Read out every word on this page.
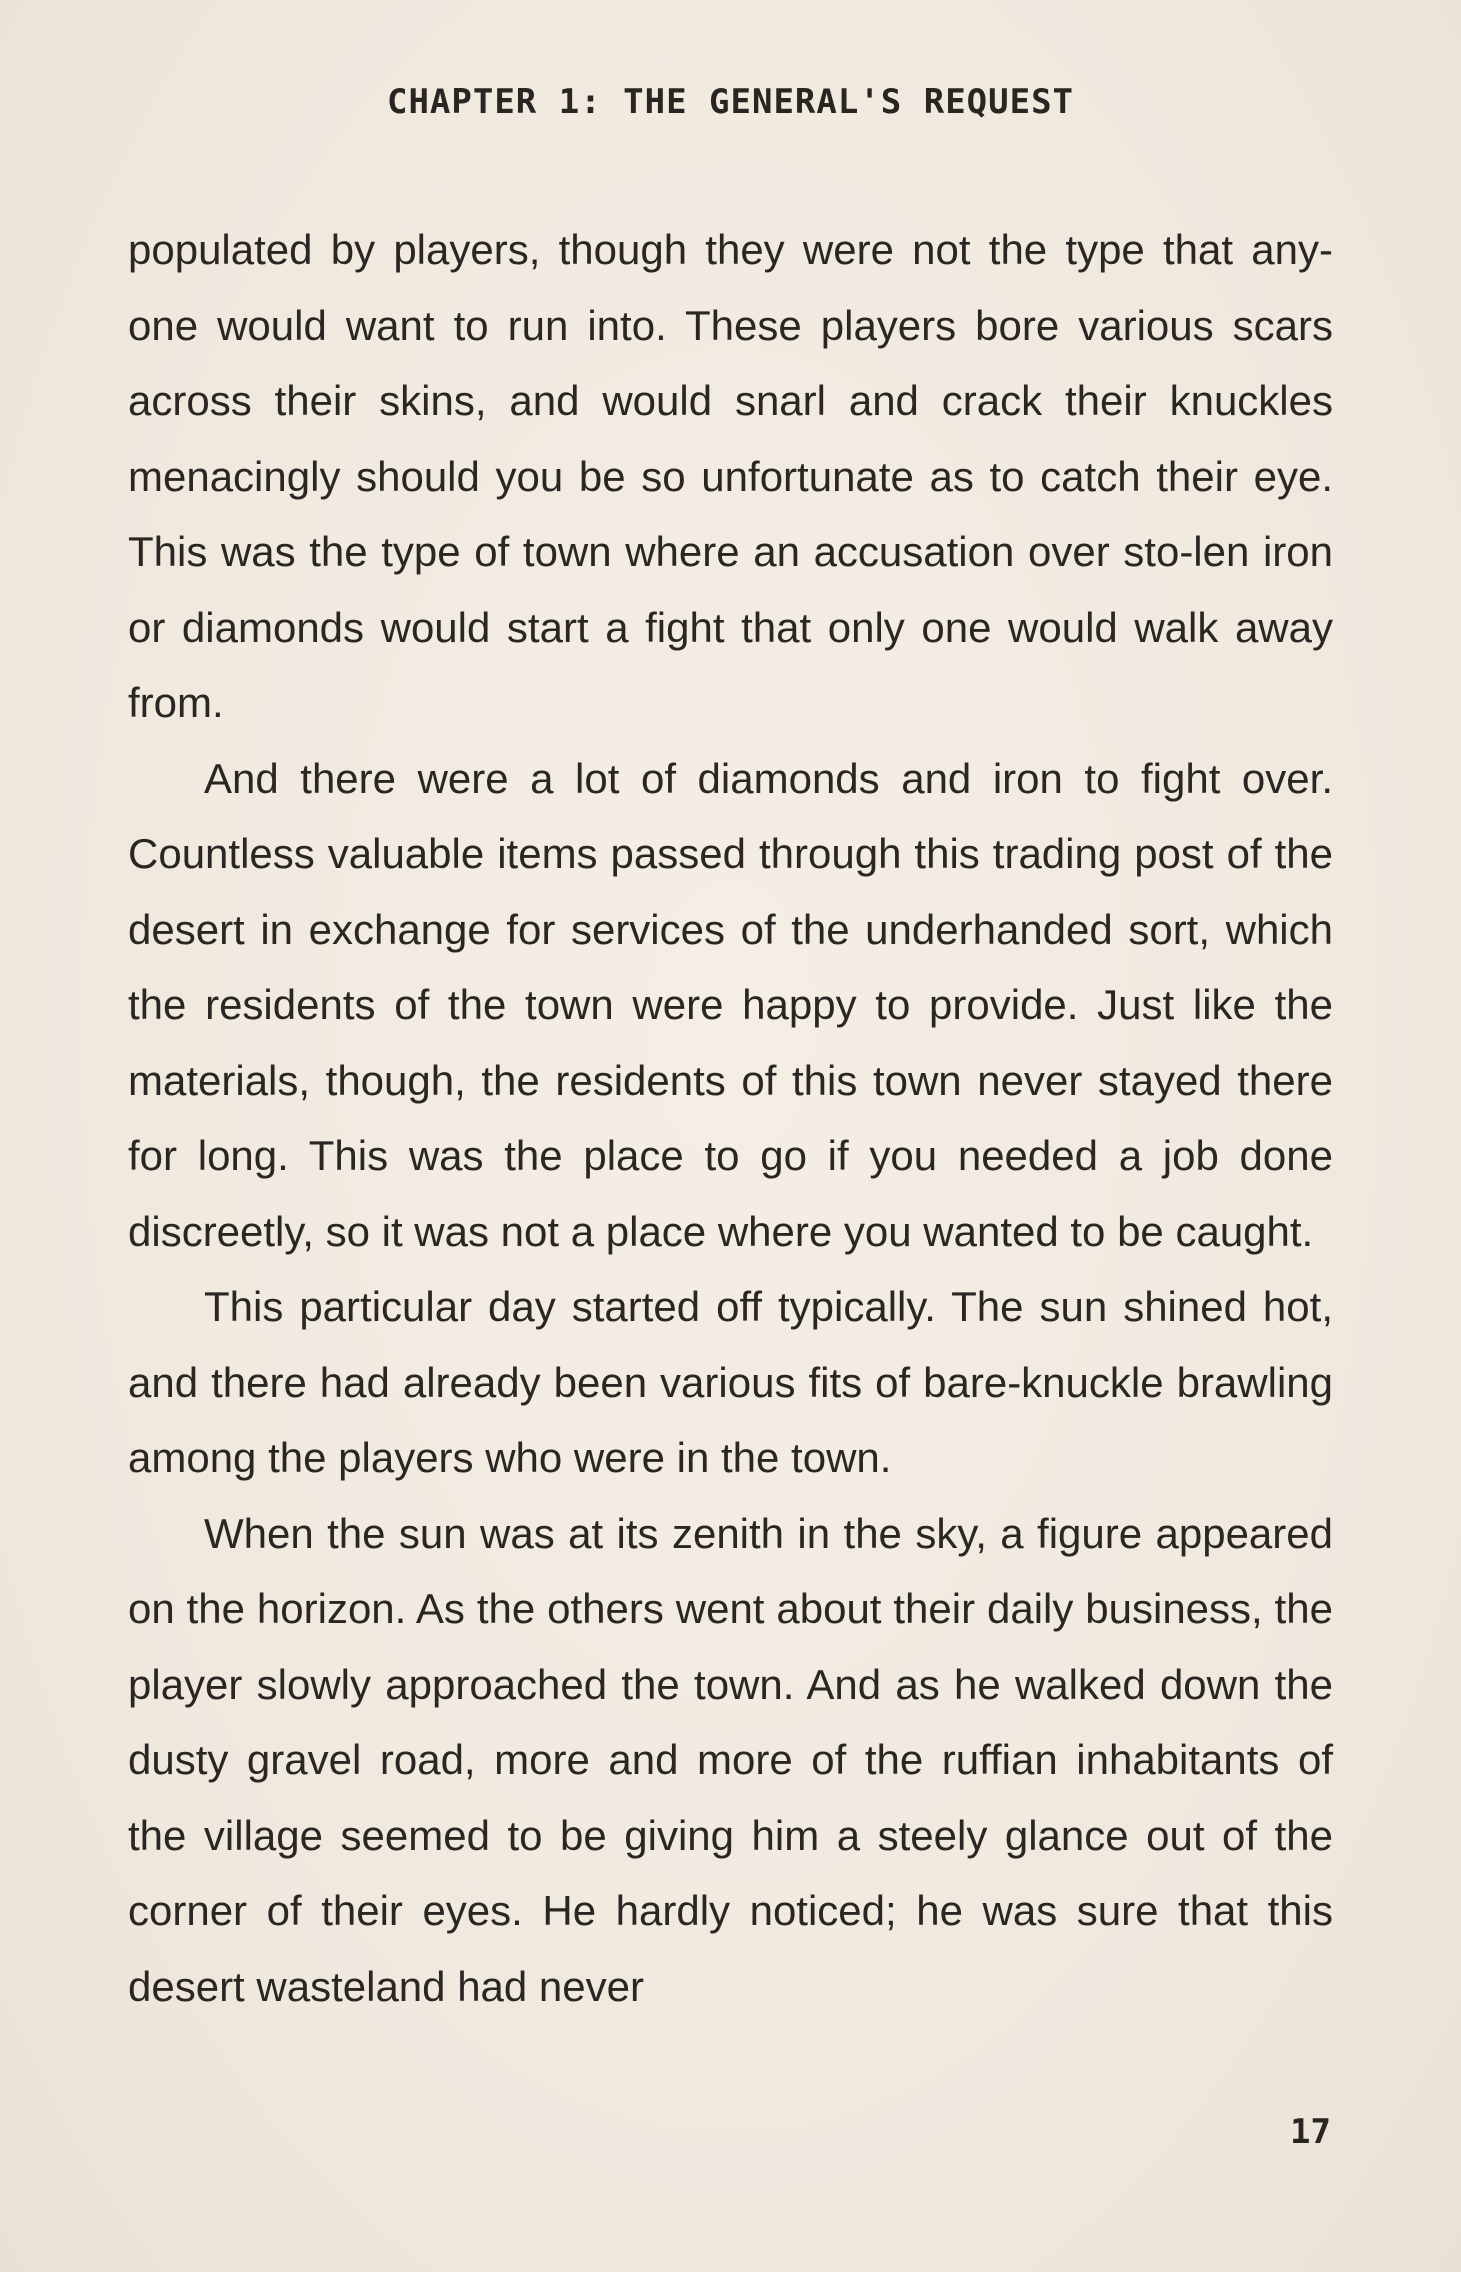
CHAPTER 1: THE GENERAL'S REQUEST

populated by players, though they were not the type that any-one would want to run into. These players bore various scars across their skins, and would snarl and crack their knuckles menacingly should you be so unfortunate as to catch their eye. This was the type of town where an accusation over sto-len iron or diamonds would start a fight that only one would walk away from.

And there were a lot of diamonds and iron to fight over. Countless valuable items passed through this trading post of the desert in exchange for services of the underhanded sort, which the residents of the town were happy to provide. Just like the materials, though, the residents of this town never stayed there for long. This was the place to go if you needed a job done discreetly, so it was not a place where you wanted to be caught.

This particular day started off typically. The sun shined hot, and there had already been various fits of bare-knuckle brawling among the players who were in the town.

When the sun was at its zenith in the sky, a figure appeared on the horizon. As the others went about their daily business, the player slowly approached the town. And as he walked down the dusty gravel road, more and more of the ruffian inhabitants of the village seemed to be giving him a steely glance out of the corner of their eyes. He hardly noticed; he was sure that this desert wasteland had never

17
